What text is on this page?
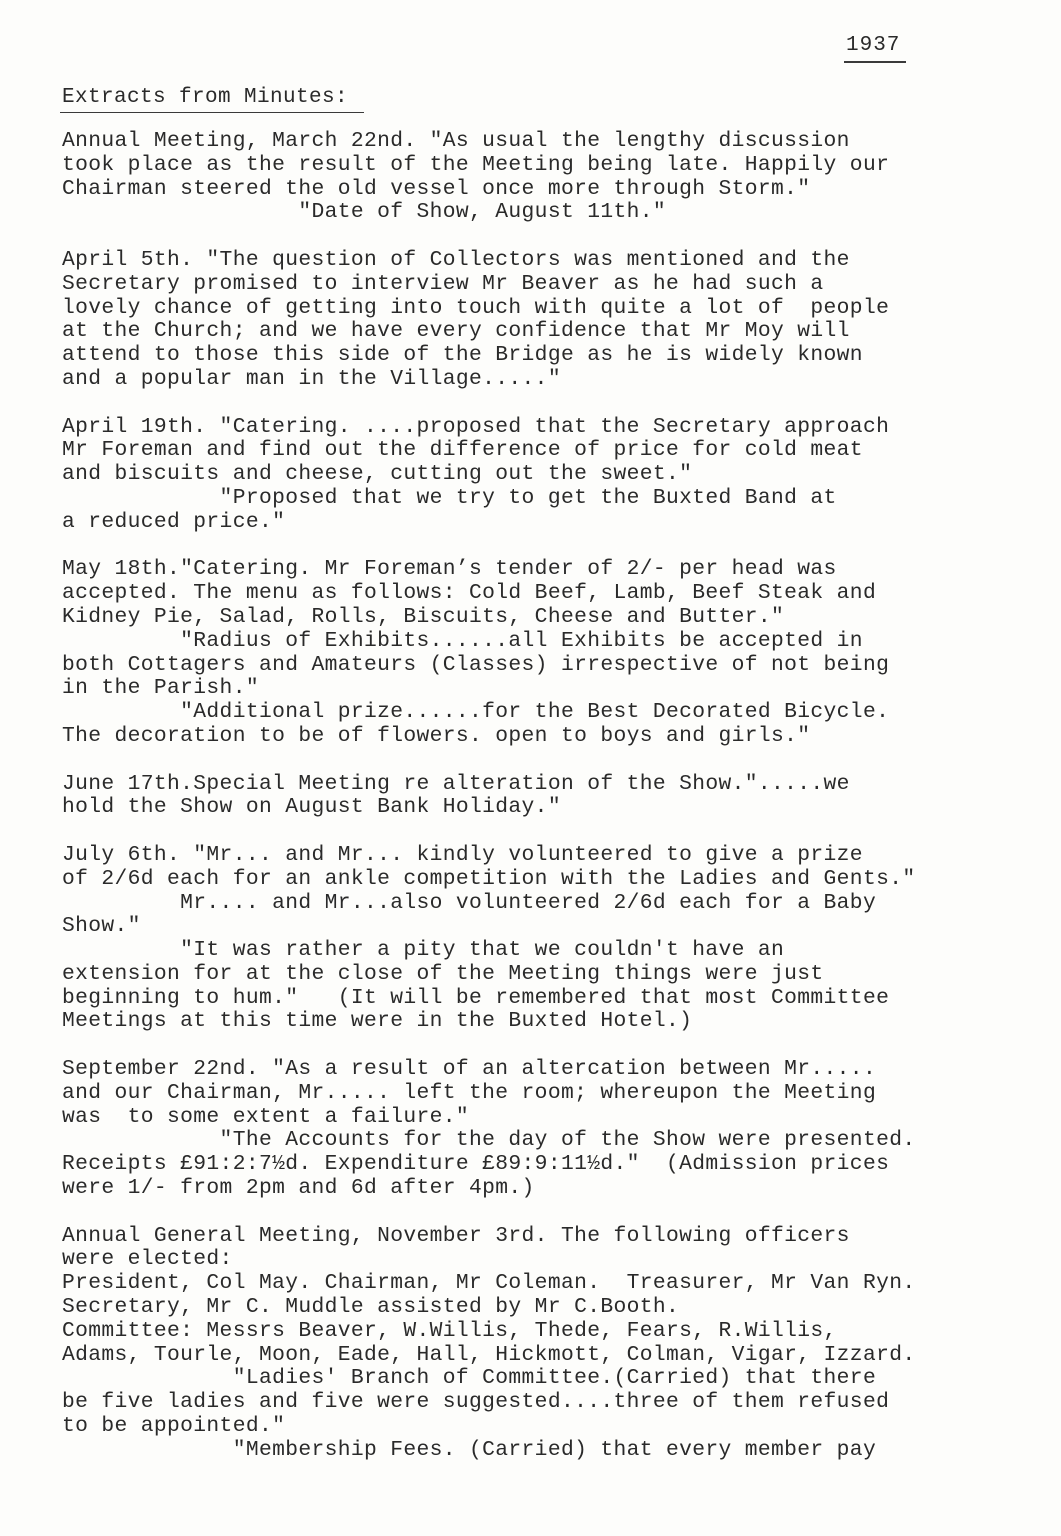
1937
Extracts from Minutes:
Annual Meeting, March 22nd. "As usual the lengthy discussion
took place as the result of the Meeting being late. Happily our
Chairman steered the old vessel once more through Storm."
"Date of Show, August 11th."
April 5th. "The question of Collectors was mentioned and the
Secretary promised to interview Mr Beaver as he had such a
lovely chance of getting into touch with quite a lot of  people
at the Church; and we have every confidence that Mr Moy will
attend to those this side of the Bridge as he is widely known
and a popular man in the Village....."
April 19th. "Catering. ....proposed that the Secretary approach
Mr Foreman and find out the difference of price for cold meat
and biscuits and cheese, cutting out the sweet."
"Proposed that we try to get the Buxted Band at
a reduced price."
May 18th."Catering. Mr Foreman’s tender of 2/- per head was
accepted. The menu as follows: Cold Beef, Lamb, Beef Steak and
Kidney Pie, Salad, Rolls, Biscuits, Cheese and Butter."
"Radius of Exhibits......all Exhibits be accepted in
both Cottagers and Amateurs (Classes) irrespective of not being
in the Parish."
"Additional prize......for the Best Decorated Bicycle.
The decoration to be of flowers. open to boys and girls."
June 17th.Special Meeting re alteration of the Show.".....we
hold the Show on August Bank Holiday."
July 6th. "Mr... and Mr... kindly volunteered to give a prize
of 2/6d each for an ankle competition with the Ladies and Gents."
Mr.... and Mr...also volunteered 2/6d each for a Baby
Show."
"It was rather a pity that we couldn't have an
extension for at the close of the Meeting things were just
beginning to hum."   (It will be remembered that most Committee
Meetings at this time were in the Buxted Hotel.)
September 22nd. "As a result of an altercation between Mr.....
and our Chairman, Mr..... left the room; whereupon the Meeting
was  to some extent a failure."
"The Accounts for the day of the Show were presented.
Receipts £91:2:7½d. Expenditure £89:9:11½d."  (Admission prices
were 1/- from 2pm and 6d after 4pm.)
Annual General Meeting, November 3rd. The following officers
were elected:
President, Col May. Chairman, Mr Coleman.  Treasurer, Mr Van Ryn.
Secretary, Mr C. Muddle assisted by Mr C.Booth.
Committee: Messrs Beaver, W.Willis, Thede, Fears, R.Willis,
Adams, Tourle, Moon, Eade, Hall, Hickmott, Colman, Vigar, Izzard.
"Ladies' Branch of Committee.(Carried) that there
be five ladies and five were suggested....three of them refused
to be appointed."
"Membership Fees. (Carried) that every member pay
